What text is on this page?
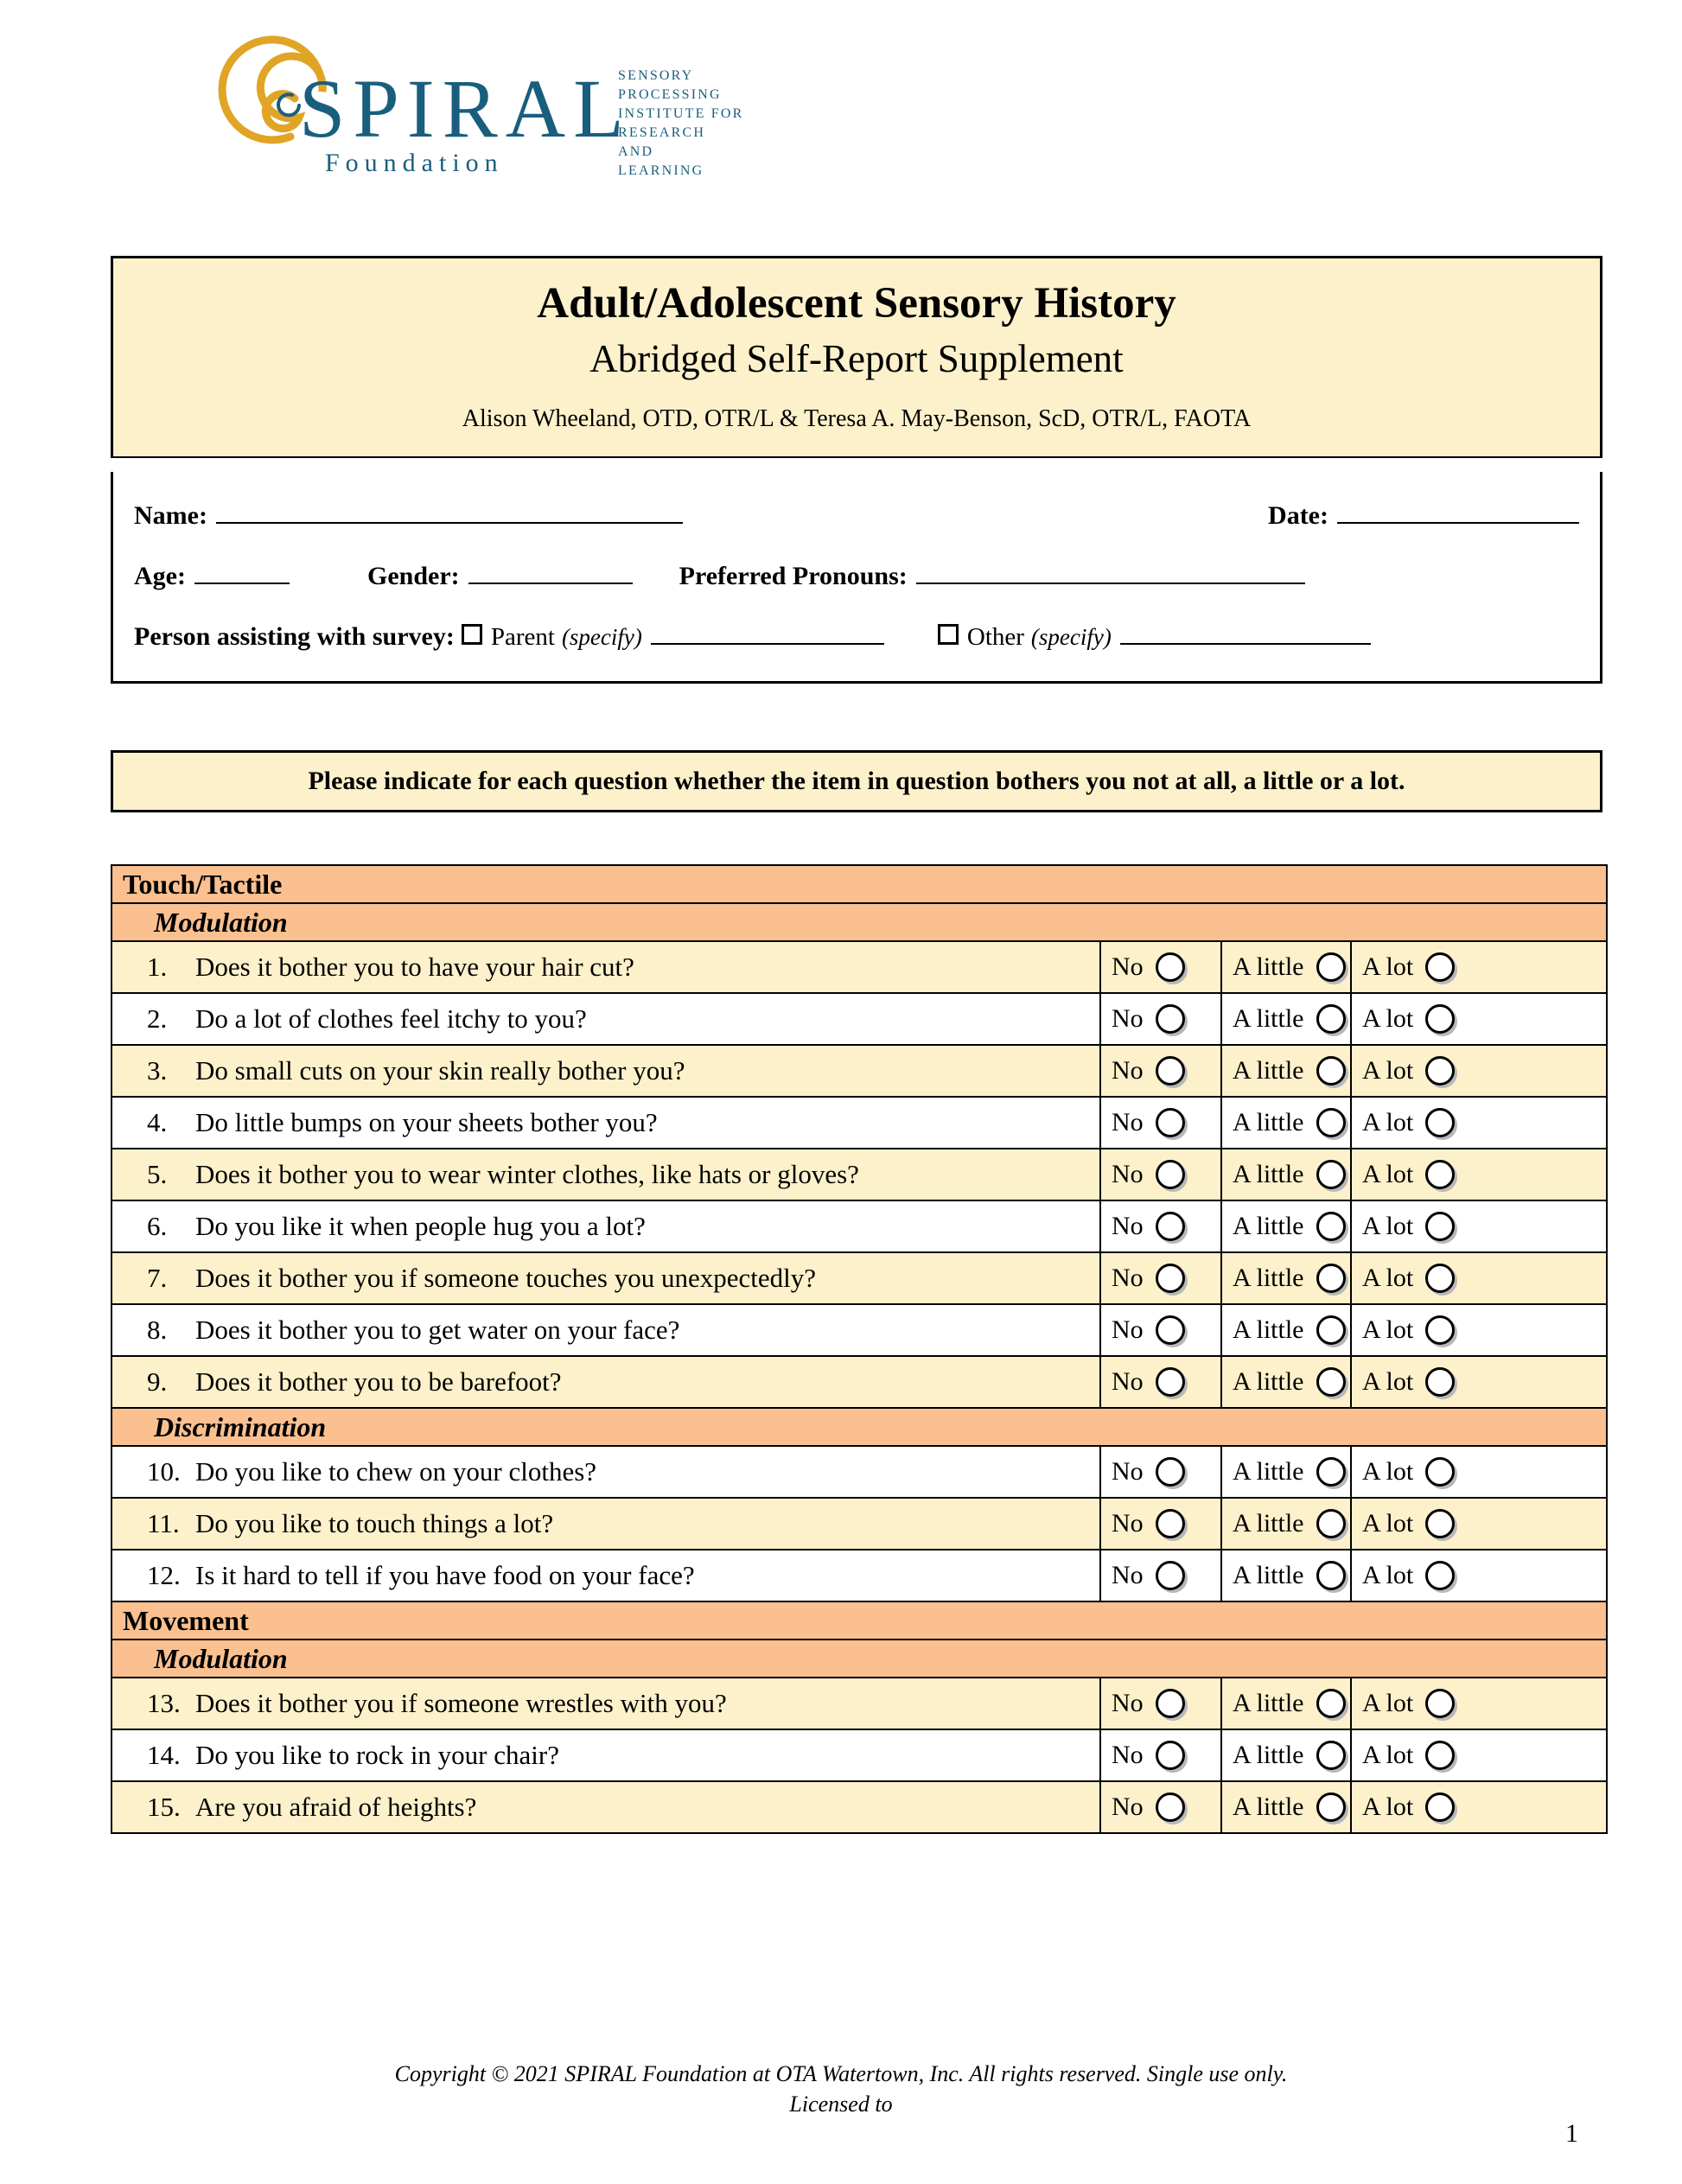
SPIRAL
Foundation
SENSORY
PROCESSING
INSTITUTE FOR
RESEARCH
AND
LEARNING
Adult/Adolescent Sensory History
Abridged Self-Report Supplement
Alison Wheeland, OTD, OTR/L & Teresa A. May-Benson, ScD, OTR/L, FAOTA
Name:	Date:
Age:	Gender:	Preferred Pronouns:
Person assisting with survey: Parent (specify)	Other (specify)
Please indicate for each question whether the item in question bothers you not at all, a little or a lot.
Touch/Tactile			
Modulation			

1. Does it bother you to have your hair cut?	No	A little	A lot

2. Do a lot of clothes feel itchy to you?	No	A little	A lot

3. Do small cuts on your skin really bother you?	No	A little	A lot

4. Do little bumps on your sheets bother you?	No	A little	A lot

5. Does it bother you to wear winter clothes, like hats or gloves?	No	A little	A lot

6. Do you like it when people hug you a lot?	No	A little	A lot

7. Does it bother you if someone touches you unexpectedly?	No	A little	A lot

8. Does it bother you to get water on your face?	No	A little	A lot

9. Does it bother you to be barefoot?	No	A little	A lot

Discrimination			

10. Do you like to chew on your clothes?	No	A little	A lot

11. Do you like to touch things a lot?	No	A little	A lot

12. Is it hard to tell if you have food on your face?	No	A little	A lot

Movement			
Modulation			

13. Does it bother you if someone wrestles with you?	No	A little	A lot

14. Do you like to rock in your chair?	No	A little	A lot

15. Are you afraid of heights?	No	A little	A lot
Copyright © 2021 SPIRAL Foundation at OTA Watertown, Inc. All rights reserved. Single use only.
Licensed to
1
